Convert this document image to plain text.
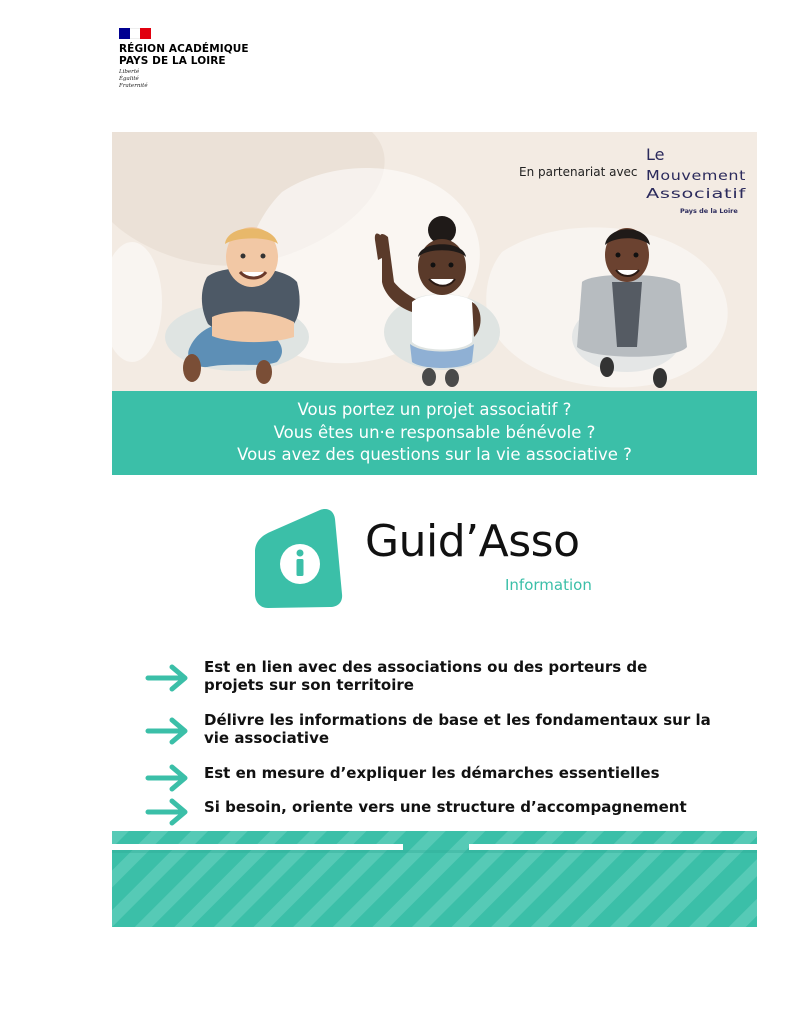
RÉGION ACADÉMIQUE
PAYS DE LA LOIRE
Liberté
Égalité
Fraternité
En partenariat avec
Le
Mouvement
Associatif
Pays de la Loire
Vous portez un projet associatif ?
Vous êtes un·e responsable bénévole ?
Vous avez des questions sur la vie associative ?
Guid’Asso
Information
Est en lien avec des associations ou des porteurs de
projets sur son territoire
Délivre les informations de base et les fondamentaux sur la
vie associative
Est en mesure d’expliquer les démarches essentielles
Si besoin, oriente vers une structure d’accompagnement
